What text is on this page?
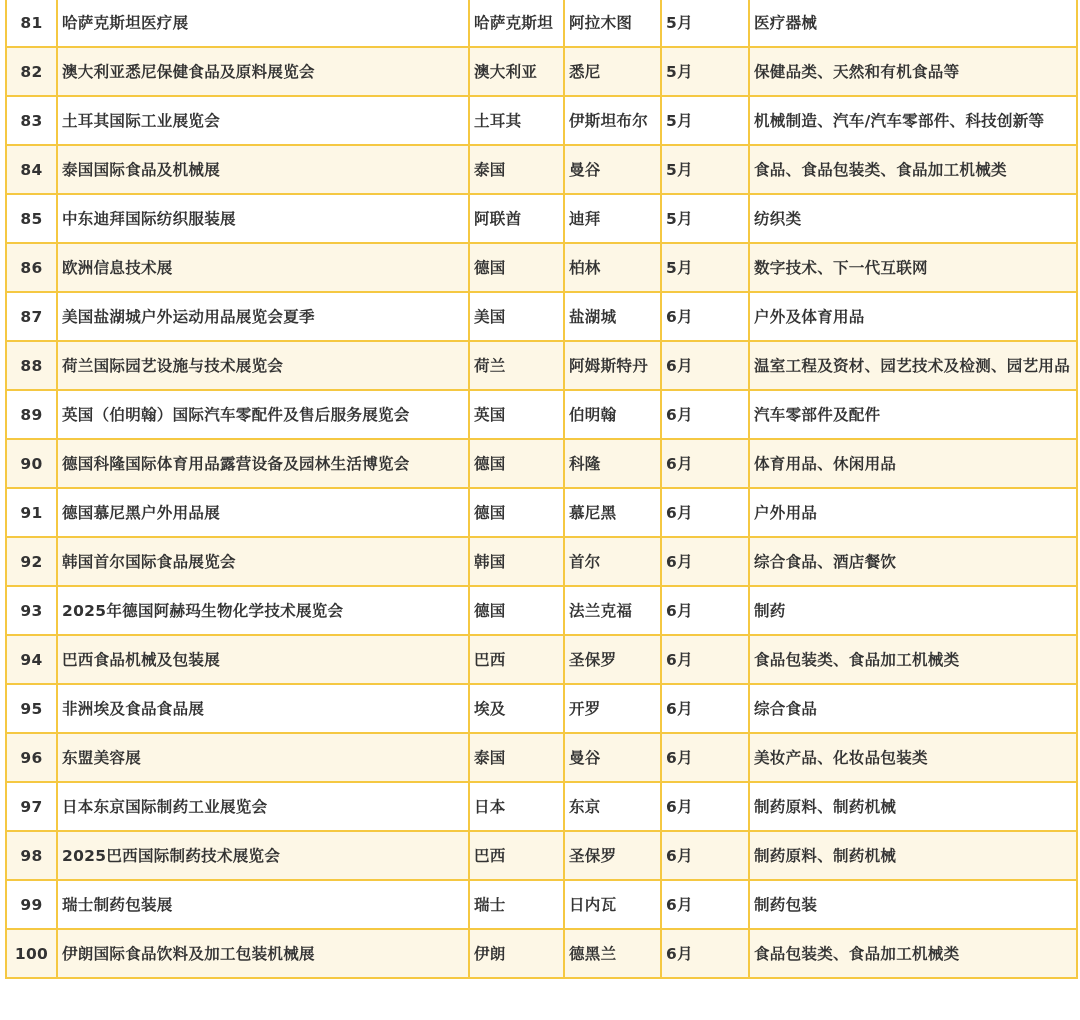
81	哈萨克斯坦医疗展	哈萨克斯坦	阿拉木图	5月	医疗器械
82	澳大利亚悉尼保健食品及原料展览会	澳大利亚	悉尼	5月	保健品类、天然和有机食品等
83	土耳其国际工业展览会	土耳其	伊斯坦布尔	5月	机械制造、汽车/汽车零部件、科技创新等
84	泰国国际食品及机械展	泰国	曼谷	5月	食品、食品包装类、食品加工机械类
85	中东迪拜国际纺织服装展	阿联酋	迪拜	5月	纺织类
86	欧洲信息技术展	德国	柏林	5月	数字技术、下一代互联网
87	美国盐湖城户外运动用品展览会夏季	美国	盐湖城	6月	户外及体育用品
88	荷兰国际园艺设施与技术展览会	荷兰	阿姆斯特丹	6月	温室工程及资材、园艺技术及检测、园艺用品
89	英国（伯明翰）国际汽车零配件及售后服务展览会	英国	伯明翰	6月	汽车零部件及配件
90	德国科隆国际体育用品露营设备及园林生活博览会	德国	科隆	6月	体育用品、休闲用品
91	德国慕尼黑户外用品展	德国	慕尼黑	6月	户外用品
92	韩国首尔国际食品展览会	韩国	首尔	6月	综合食品、酒店餐饮
93	2025年德国阿赫玛生物化学技术展览会	德国	法兰克福	6月	制药
94	巴西食品机械及包装展	巴西	圣保罗	6月	食品包装类、食品加工机械类
95	非洲埃及食品食品展	埃及	开罗	6月	综合食品
96	东盟美容展	泰国	曼谷	6月	美妆产品、化妆品包装类
97	日本东京国际制药工业展览会	日本	东京	6月	制药原料、制药机械
98	2025巴西国际制药技术展览会	巴西	圣保罗	6月	制药原料、制药机械
99	瑞士制药包装展	瑞士	日内瓦	6月	制药包装
100	伊朗国际食品饮料及加工包装机械展	伊朗	德黑兰	6月	食品包装类、食品加工机械类
